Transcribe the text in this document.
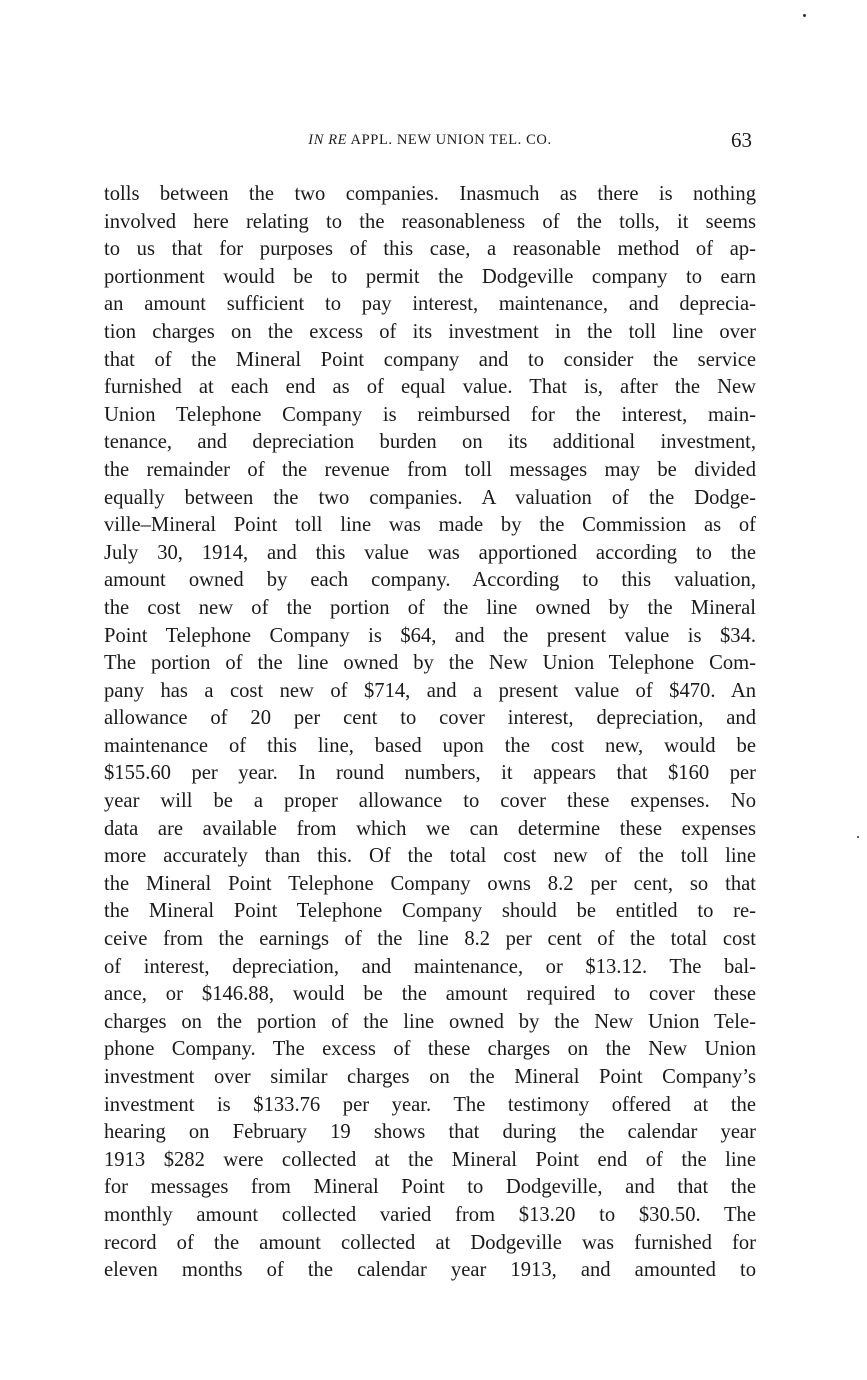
IN RE APPL. NEW UNION TEL. CO.	63
tolls between the two companies. Inasmuch as there is nothing
involved here relating to the reasonableness of the tolls, it seems
to us that for purposes of this case, a reasonable method of ap-
portionment would be to permit the Dodgeville company to earn
an amount sufficient to pay interest, maintenance, and deprecia-
tion charges on the excess of its investment in the toll line over
that of the Mineral Point company and to consider the service
furnished at each end as of equal value. That is, after the New
Union Telephone Company is reimbursed for the interest, main-
tenance, and depreciation burden on its additional investment,
the remainder of the revenue from toll messages may be divided
equally between the two companies. A valuation of the Dodge-
ville–Mineral Point toll line was made by the Commission as of
July 30, 1914, and this value was apportioned according to the
amount owned by each company. According to this valuation,
the cost new of the portion of the line owned by the Mineral
Point Telephone Company is $64, and the present value is $34.
The portion of the line owned by the New Union Telephone Com-
pany has a cost new of $714, and a present value of $470. An
allowance of 20 per cent to cover interest, depreciation, and
maintenance of this line, based upon the cost new, would be
$155.60 per year. In round numbers, it appears that $160 per
year will be a proper allowance to cover these expenses. No
data are available from which we can determine these expenses
more accurately than this. Of the total cost new of the toll line
the Mineral Point Telephone Company owns 8.2 per cent, so that
the Mineral Point Telephone Company should be entitled to re-
ceive from the earnings of the line 8.2 per cent of the total cost
of interest, depreciation, and maintenance, or $13.12. The bal-
ance, or $146.88, would be the amount required to cover these
charges on the portion of the line owned by the New Union Tele-
phone Company. The excess of these charges on the New Union
investment over similar charges on the Mineral Point Company’s
investment is $133.76 per year. The testimony offered at the
hearing on February 19 shows that during the calendar year
1913 $282 were collected at the Mineral Point end of the line
for messages from Mineral Point to Dodgeville, and that the
monthly amount collected varied from $13.20 to $30.50. The
record of the amount collected at Dodgeville was furnished for
eleven months of the calendar year 1913, and amounted to
